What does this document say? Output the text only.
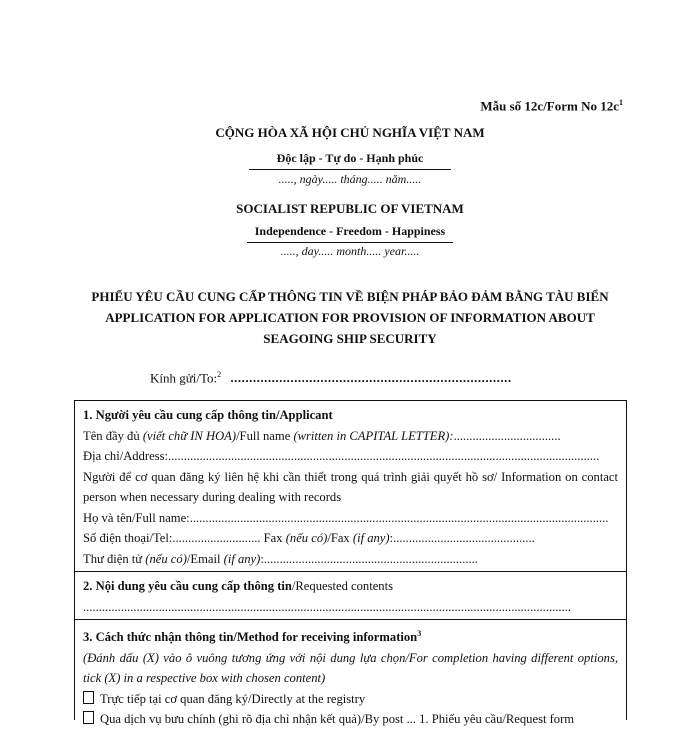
Mẫu số 12c/Form No $12c^1$
CỘNG HÒA XÃ HỘI CHỦ NGHĨA VIỆT NAM
Độc lập - Tự do - Hạnh phúc
....., ngày..... tháng..... năm.....
SOCIALIST REPUBLIC OF VIETNAM
Independence - Freedom - Happiness
....., day..... month..... year.....
PHIẾU YÊU CẦU CUNG CẤP THÔNG TIN VỀ BIỆN PHÁP BẢO ĐẢM BẰNG TÀU BIỂN
APPLICATION FOR APPLICATION FOR PROVISION OF INFORMATION ABOUT
SEAGOING SHIP SECURITY
Kính gửi/To:$^2$ ...........................................................................
1. Người yêu cầu cung cấp thông tin/Applicant
Tên đầy đủ (viết chữ IN HOA)/Full name (written in CAPITAL LETTER):..................................
Địa chỉ/Address:.........................................................................................................................................
Người để cơ quan đăng ký liên hệ khi cần thiết trong quá trình giải quyết hồ sơ/ Information on contact person when necessary during dealing with records
Họ và tên/Full name:.....................................................................................................................................
Số điện thoại/Tel:............................ Fax (nếu có)/Fax (if any):.............................................
Thư điện tử (nếu có)/Email (if any):....................................................................
2. Nội dung yêu cầu cung cấp thông tin/Requested contents
...........................................................................................................................................................
3. Cách thức nhận thông tin/Method for receiving information$^3$
(Đánh dấu (X) vào ô vuông tương ứng với nội dung lựa chọn/For completion having different options, tick (X) in a respective box with chosen content)
Trực tiếp tại cơ quan đăng ký/Directly at the registry
Qua dịch vụ bưu chính (ghi rõ địa chỉ nhận kết quả)/By post ... 1. Phiếu yêu cầu/Request form
